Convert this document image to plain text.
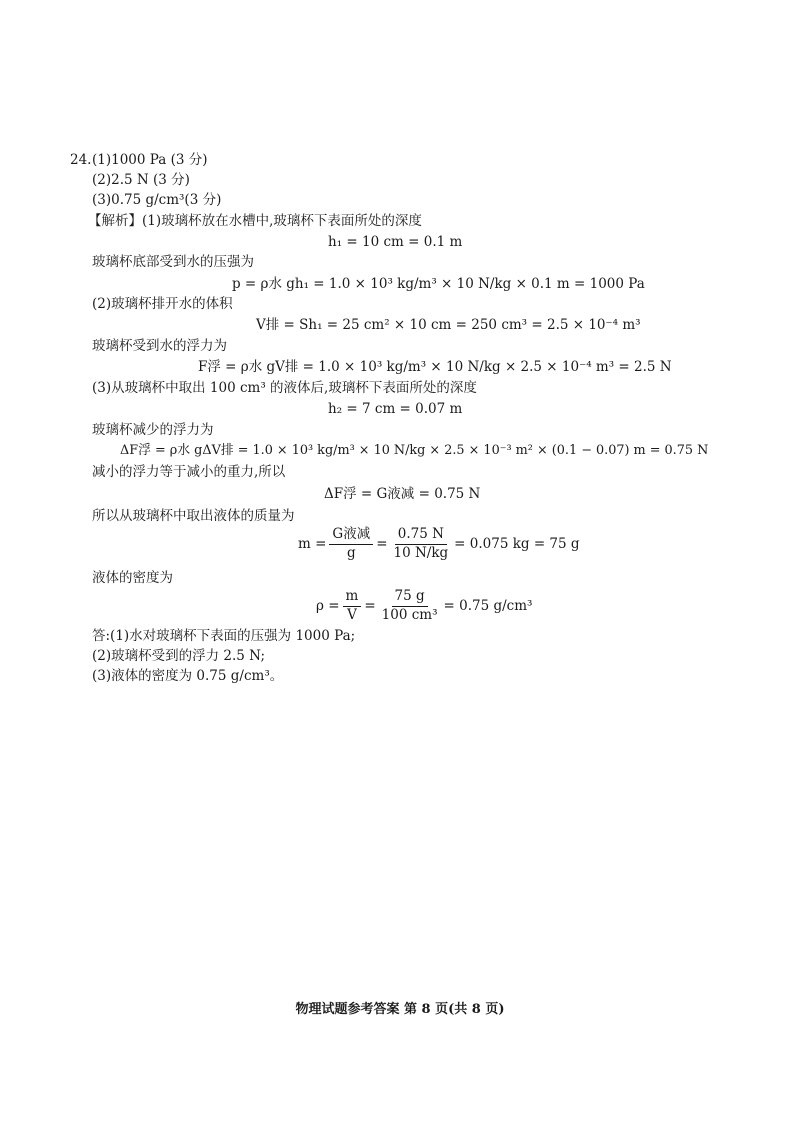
24. (1)1000 Pa (3 分)
(2)2.5 N (3 分)
(3)0.75 g/cm³(3 分)
【解析】(1)玻璃杯放在水槽中,玻璃杯下表面所处的深度
h₁ = 10 cm = 0.1 m
玻璃杯底部受到水的压强为
p = ρ水 gh₁ = 1.0 × 10³ kg/m³ × 10 N/kg × 0.1 m = 1000 Pa
(2)玻璃杯排开水的体积
V排 = Sh₁ = 25 cm² × 10 cm = 250 cm³ = 2.5 × 10⁻⁴ m³
玻璃杯受到水的浮力为
F浮 = ρ水 gV排 = 1.0 × 10³ kg/m³ × 10 N/kg × 2.5 × 10⁻⁴ m³ = 2.5 N
(3)从玻璃杯中取出 100 cm³ 的液体后,玻璃杯下表面所处的深度
h₂ = 7 cm = 0.07 m
玻璃杯减少的浮力为
ΔF浮 = ρ水 gΔV排 = 1.0 × 10³ kg/m³ × 10 N/kg × 2.5 × 10⁻³ m² × (0.1 − 0.07) m = 0.75 N
减小的浮力等于减小的重力,所以
ΔF浮 = G液减 = 0.75 N
所以从玻璃杯中取出液体的质量为
$m = \frac{\text{G液减}}{g} = \frac{0.75 N}{10 N/kg} = 0.075$ kg = 75 g
液体的密度为
$\rho = \frac{m}{V} = \frac{75 g}{\text{100 cm³}} = 0.75$ g/cm³
答:(1)水对玻璃杯下表面的压强为 1000 Pa;
(2)玻璃杯受到的浮力 2.5 N;
(3)液体的密度为 0.75 g/cm³。
物理试题参考答案 第 8 页(共 8 页)
